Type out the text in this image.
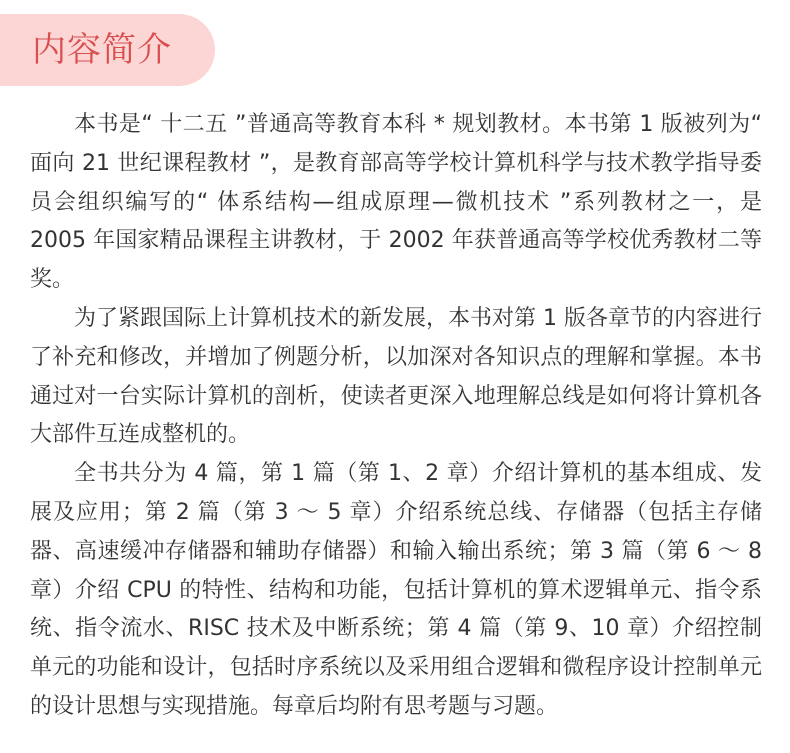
内容简介

本书是“ 十二五 ”普通高等教育本科 * 规划教材。本书第 1 版被列为“ 面向 21 世纪课程教材 ”，是教育部高等学校计算机科学与技术教学指导委员会组织编写的“ 体系结构—组成原理—微机技术 ”系列教材之一，是 2005 年国家精品课程主讲教材，于 2002 年获普通高等学校优秀教材二等奖。

为了紧跟国际上计算机技术的新发展，本书对第 1 版各章节的内容进行了补充和修改，并增加了例题分析，以加深对各知识点的理解和掌握。本书通过对一台实际计算机的剖析，使读者更深入地理解总线是如何将计算机各大部件互连成整机的。

全书共分为 4 篇，第 1 篇（第 1、2 章）介绍计算机的基本组成、发展及应用；第 2 篇（第 3 ～ 5 章）介绍系统总线、存储器（包括主存储器、高速缓冲存储器和辅助存储器）和输入输出系统；第 3 篇（第 6 ～ 8 章）介绍 CPU 的特性、结构和功能，包括计算机的算术逻辑单元、指令系统、指令流水、RISC 技术及中断系统；第 4 篇（第 9、10 章）介绍控制单元的功能和设计，包括时序系统以及采用组合逻辑和微程序设计控制单元的设计思想与实现措施。每章后均附有思考题与习题。
